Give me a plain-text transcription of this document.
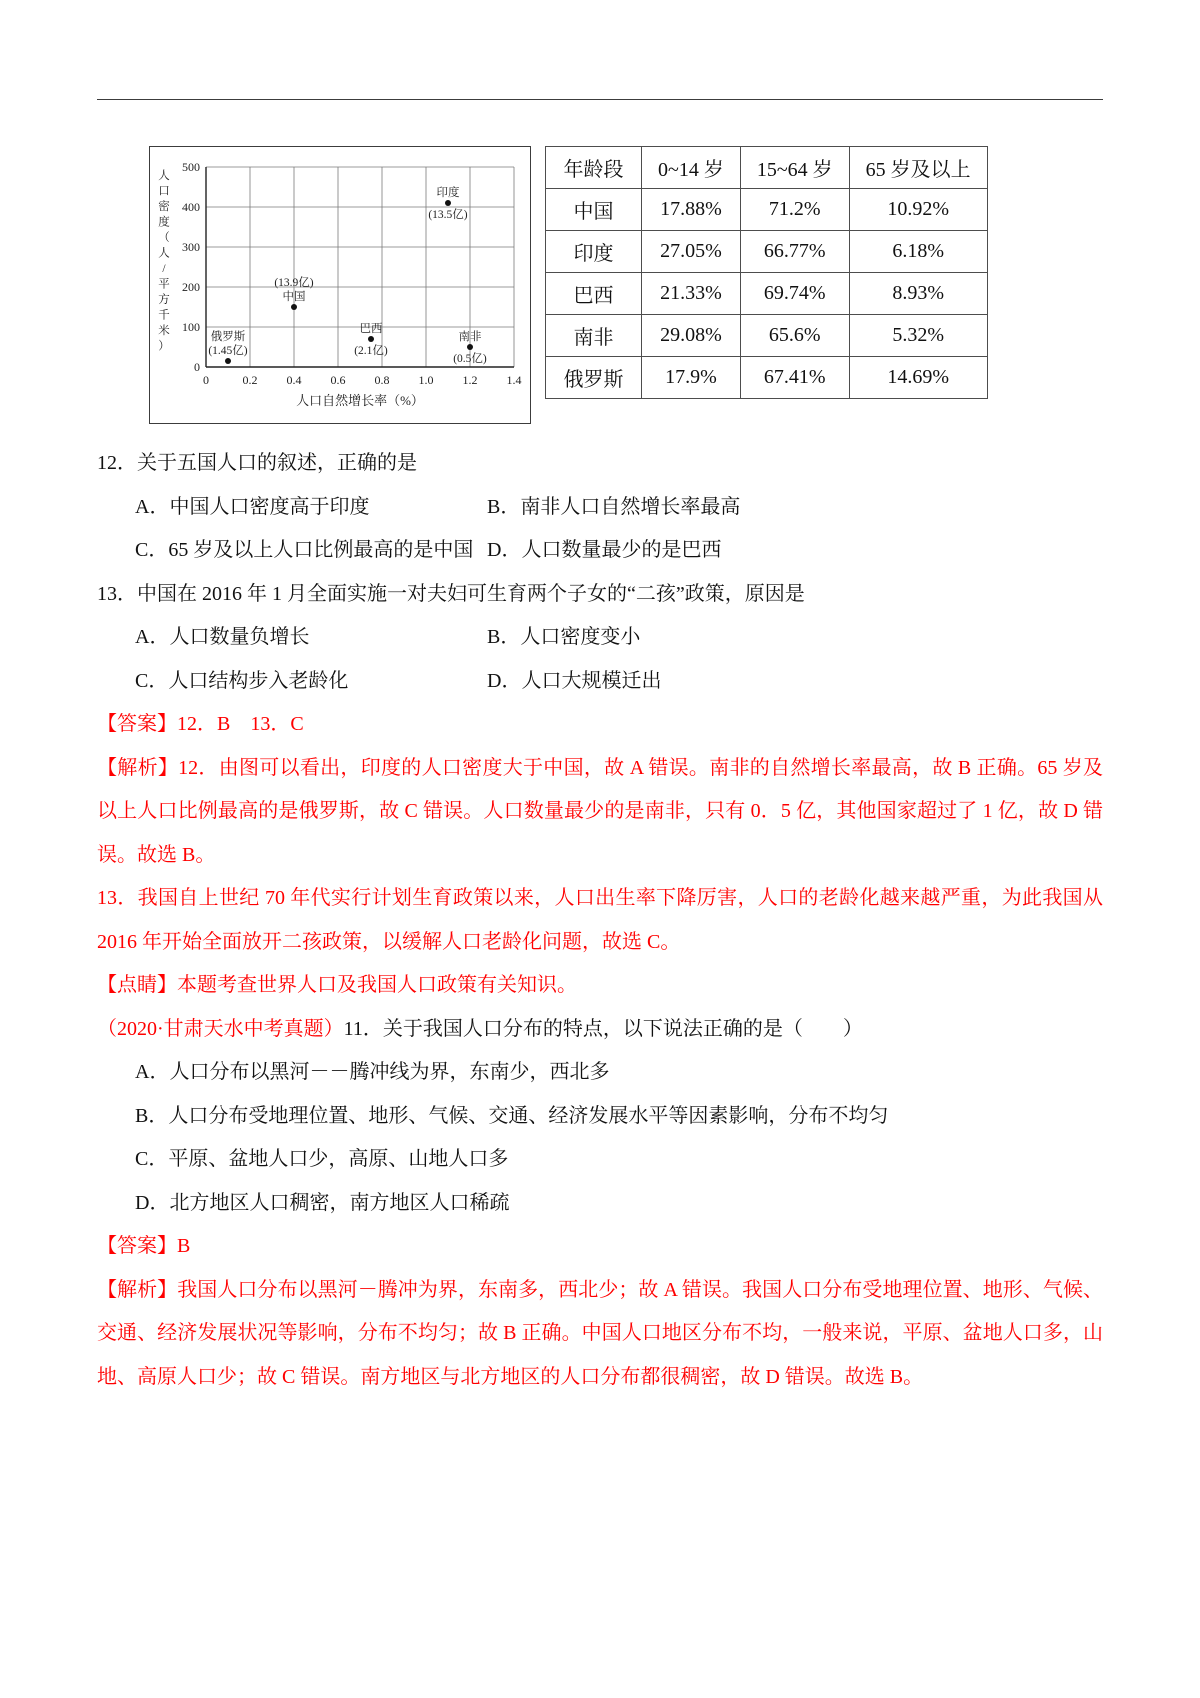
0
100
200
300
400
500
0	0.2 0.4 0.6 0.8 1.0 1.2 1.4
人口自然增长率（%）
人
口
密
度
（
人
/
平
方
千
米
）
印度
(13.5亿)
中国
(13.9亿)
巴西
(2.1亿)
(1.45亿)
俄罗斯	南非
(0.5亿)
年龄段	0~14 岁	15~64 岁	65 岁及以上
中国	17.88%	71.2%	10.92%
印度	27.05%	66.77%	6.18%
巴西	21.33%	69.74%	8.93%
南非	29.08%	65.6%	5.32%
俄罗斯	17.9%	67.41%	14.69%

12．关于五国人口的叙述，正确的是

A．中国人口密度高于印度	B．南非人口自然增长率最高
C．65 岁及以上人口比例最高的是中国 D．人口数量最少的是巴西

13．中国在 2016 年 1 月全面实施一对夫妇可生育两个子女的“二孩”政策，原因是

A．人口数量负增长	B．人口密度变小
C．人口结构步入老龄化	D．人口大规模迁出

【答案】12．B　13．C

【解析】12．由图可以看出，印度的人口密度大于中国，故 A 错误。南非的自然增长率最高，故 B 正确。65 岁及以上人口比例最高的是俄罗斯，故 C 错误。人口数量最少的是南非，只有 0．5 亿，其他国家超过了 1 亿，故 D 错误。故选 B。

13．我国自上世纪 70 年代实行计划生育政策以来，人口出生率下降厉害，人口的老龄化越来越严重，为此我国从 2016 年开始全面放开二孩政策，以缓解人口老龄化问题，故选 C。

【点睛】本题考查世界人口及我国人口政策有关知识。

（2020·甘肃天水中考真题）11．关于我国人口分布的特点，以下说法正确的是（　　）

A．人口分布以黑河－－腾冲线为界，东南少，西北多
B．人口分布受地理位置、地形、气候、交通、经济发展水平等因素影响，分布不均匀
C．平原、盆地人口少，高原、山地人口多
D．北方地区人口稠密，南方地区人口稀疏

【答案】B

【解析】我国人口分布以黑河－腾冲为界，东南多，西北少；故 A 错误。我国人口分布受地理位置、地形、气候、交通、经济发展状况等影响，分布不均匀；故 B 正确。中国人口地区分布不均，一般来说，平原、盆地人口多，山地、高原人口少；故 C 错误。南方地区与北方地区的人口分布都很稠密，故 D 错误。故选 B。
